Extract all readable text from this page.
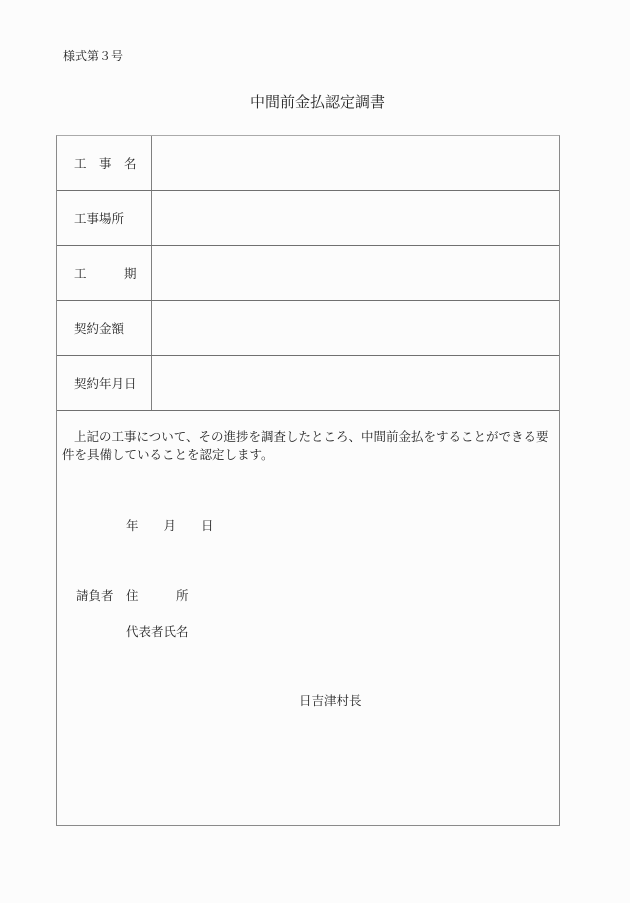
様式第３号
中間前金払認定調書
工　事　名
工事場所
工　　　期
契約金額
契約年月日
上記の工事について、その進捗を調査したところ、中間前金払をすることができる要件を具備していることを認定します。
年　　月　　日
請負者 住　　　所
代表者氏名
日吉津村長
